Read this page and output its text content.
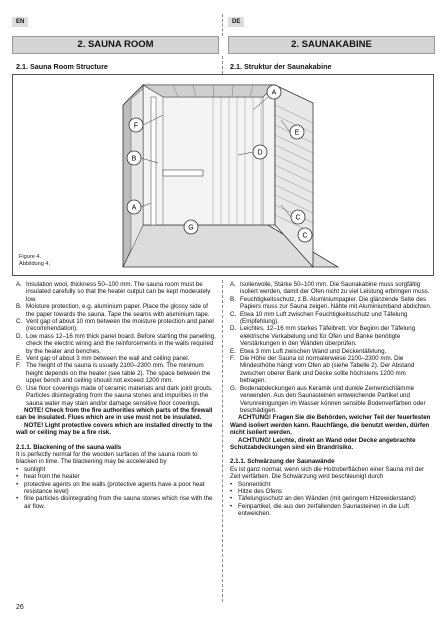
EN	DE
2. SAUNA ROOM	2. SAUNAKABINE
2.1. Sauna Room Structure	2.1. Struktur der Saunakabine
A
B
C
D
E
F
G
A
C
Figure 4.
Abbildung 4.
A. Insulation wool, thickness 50–100 mm. The sauna room must be insulated carefully so that the heater output can be kept moderately low.
B. Moisture protection, e.g. aluminium paper. Place the glossy side of the paper towards the sauna. Tape the seams with aluminium tape.
C. Vent gap of about 10 mm between the moisture protection and panel (recommendation).
D. Low mass 12–16 mm thick panel board. Before starting the panelling, check the electric wiring and the reinforcements in the walls required by the heater and benches.
E. Vent gap of about 3 mm between the wall and ceiling panel.
F. The height of the sauna is usually 2100–2300 mm. The minimum height depends on the heater (see table 2). The space between the upper bench and ceiling should not exceed 1200 mm.
G. Use floor coverings made of ceramic materials and dark joint grouts. Particles disintegrating from the sauna stones and impurities in the sauna water may stain and/or damage sensitive floor coverings.

NOTE! Check from the fire authorities which parts of the firewall can be insulated. Flues which are in use must not be insulated.

NOTE! Light protective covers which are installed directly to the wall or ceiling may be a fire risk.

2.1.1. Blackening of the sauna walls
It is perfectly normal for the wooden surfaces of the sauna room to blacken in time. The blackening may be accelerated by
• sunlight
• heat from the heater
• protective agents on the walls (protective agents have a poor heat resistance level)
• fine particles disintegrating from the sauna stones which rise with the air flow.
A. Isolierwolle, Stärke 50–100 mm. Die Saunakabine muss sorgfältig isoliert werden, damit der Ofen nicht zu viel Leistung erbringen muss.
B. Feuchtigkeitsschutz, z.B. Aluminiumpapier. Die glänzende Seite des Papiers muss zur Sauna zeigen. Nähte mit Aluminiumband abdichten.
C. Etwa 10 mm Luft zwischen Feuchtigkeitsschutz und Täfelung (Empfehlung).
D. Leichtes, 12–16 mm starkes Täfelbrett. Vor Beginn der Täfelung elektrische Verkabelung und für Ofen und Bänke benötigte Verstärkungen in den Wänden überprüfen.
E. Etwa 3 mm Luft zwischen Wand und Deckentäfelung.
F. Die Höhe der Sauna ist normalerweise 2100–2300 mm. Die Mindesthöhe hängt vom Ofen ab (siehe Tabelle 2). Der Abstand zwischen oberer Bank und Decke sollte höchstens 1200 mm betragen.
G. Bodenabdeckungen aus Keramik und dunkle Zementschlämme verwenden. Aus den Saunasteinen entweichende Partikel und Verunreinigungen im Wasser können sensible Bodenverfärben oder beschädigen.

ACHTUNG! Fragen Sie die Behörden, welcher Teil der feuerfesten Wand isoliert werden kann. Rauchfänge, die benutzt werden, dürfen nicht isoliert werden.

ACHTUNG! Leichte, direkt an Wand oder Decke angebrachte Schutzabdeckungen sind ein Brandrisiko.

2.1.1. Schwärzung der Saunawände
Es ist ganz normal, wenn sich die Holzoberflächen einer Sauna mit der Zeit verfärben. Die Schwärzung wird beschleunigt durch
• Sonnenlicht
• Hitze des Ofens
• Täfelungsschutz an den Wänden (mit geringem Hitzewiderstand)
• Feinpartikel, die aus den zerfallenden Saunasteinen in die Luft entweichen.
26
